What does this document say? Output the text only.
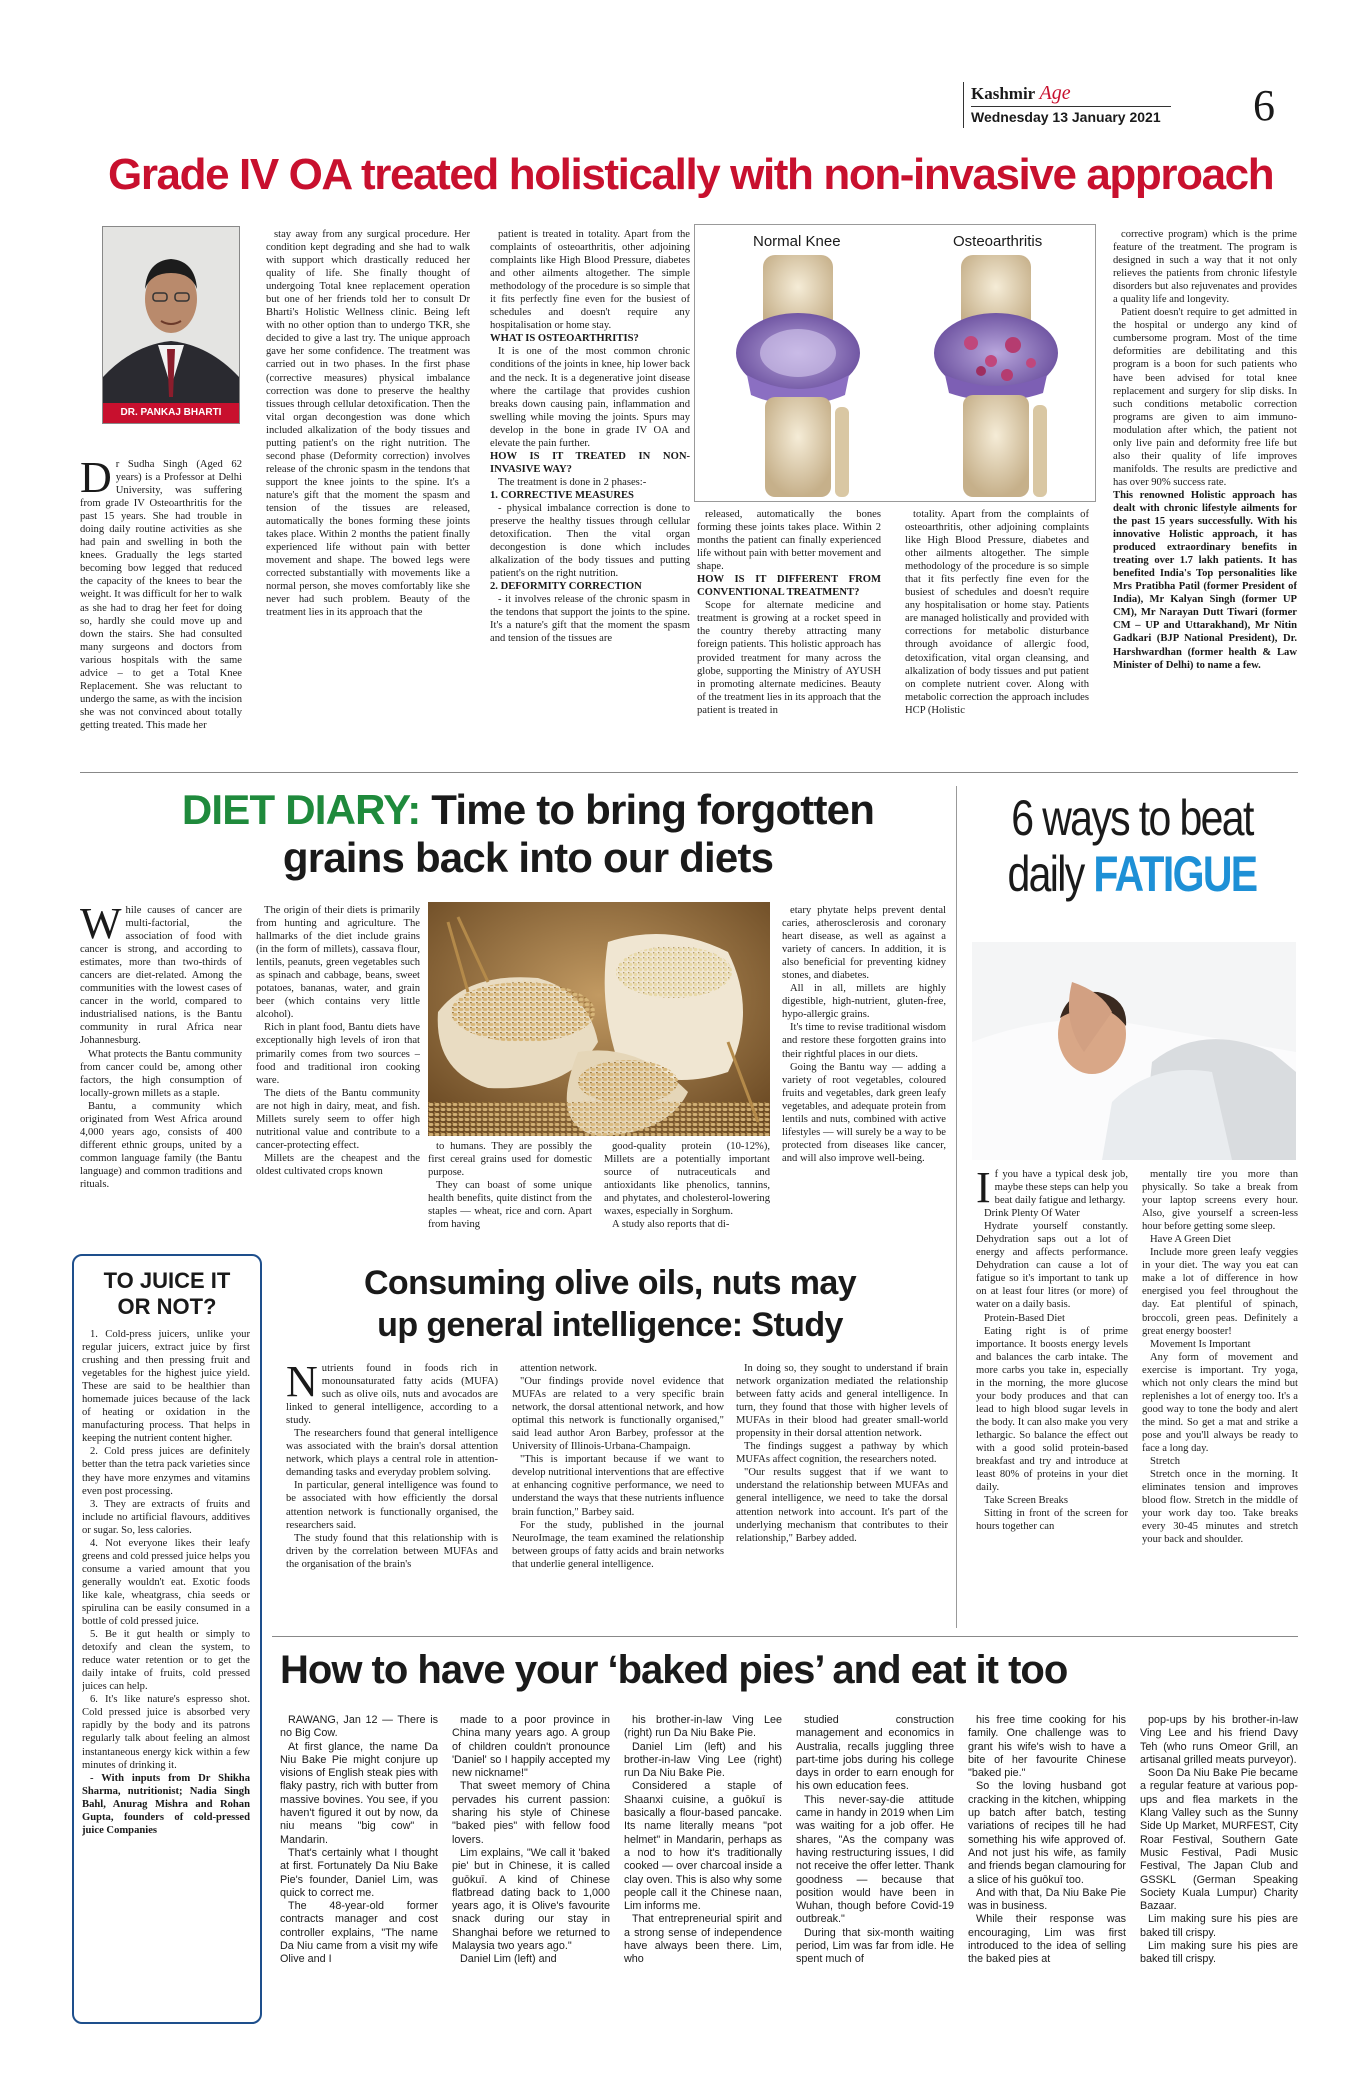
Kashmir Age
Wednesday 13 January 2021 6
Grade IV OA treated holistically with non-invasive approach
DR. PANKAJ BHARTI
D r Sudha Singh (Aged 62 years) is a Professor at Delhi University, was suffering from grade IV Osteoarthritis for the past 15 years. She had trouble in doing daily routine activities as she had pain and swelling in both the knees. Gradually the legs started becoming bow legged that reduced the capacity of the knees to bear the weight. It was difficult for her to walk as she had to drag her feet for doing so, hardly she could move up and down the stairs. She had consulted many surgeons and doctors from various hospitals with the same advice – to get a Total Knee Replacement. She was reluctant to undergo the same, as with the incision she was not convinced about totally getting treated. This made her

stay away from any surgical procedure. Her condition kept degrading and she had to walk with support which drastically reduced her quality of life. She finally thought of undergoing Total knee replacement operation but one of her friends told her to consult Dr Bharti's Holistic Wellness clinic. Being left with no other option than to undergo TKR, she decided to give a last try. The unique approach gave her some confidence. The treatment was carried out in two phases. In the first phase (corrective measures) physical imbalance correction was done to preserve the healthy tissues through cellular detoxification. Then the vital organ decongestion was done which included alkalization of the body tissues and putting patient's on the right nutrition. The second phase (Deformity correction) involves release of the chronic spasm in the tendons that support the knee joints to the spine. It's a nature's gift that the moment the spasm and tension of the tissues are released, automatically the bones forming these joints takes place. Within 2 months the patient finally experienced life without pain with better movement and shape. The bowed legs were corrected substantially with movements like a normal person, she moves comfortably like she never had such problem. Beauty of the treatment lies in its approach that the

patient is treated in totality. Apart from the complaints of osteoarthritis, other adjoining complaints like High Blood Pressure, diabetes and other ailments altogether. The simple methodology of the procedure is so simple that it fits perfectly fine even for the busiest of schedules and doesn't require any hospitalisation or home stay.

WHAT IS OSTEOARTHRITIS?

It is one of the most common chronic conditions of the joints in knee, hip lower back and the neck. It is a degenerative joint disease where the cartilage that provides cushion breaks down causing pain, inflammation and swelling while moving the joints. Spurs may develop in the bone in grade IV OA and elevate the pain further.

HOW IS IT TREATED IN NON-INVASIVE WAY?

The treatment is done in 2 phases:-

1. CORRECTIVE MEASURES

- physical imbalance correction is done to preserve the healthy tissues through cellular detoxification. Then the vital organ decongestion is done which includes alkalization of the body tissues and putting patient's on the right nutrition.

2. DEFORMITY CORRECTION

- it involves release of the chronic spasm in the tendons that support the joints to the spine. It's a nature's gift that the moment the spasm and tension of the tissues are

Normal Knee	Osteoarthritis

released, automatically the bones forming these joints takes place. Within 2 months the patient can finally experienced life without pain with better movement and shape.

HOW IS IT DIFFERENT FROM CONVENTIONAL TREATMENT?

Scope for alternate medicine and treatment is growing at a rocket speed in the country thereby attracting many foreign patients. This holistic approach has provided treatment for many across the globe, supporting the Ministry of AYUSH in promoting alternate medicines. Beauty of the treatment lies in its approach that the patient is treated in

totality. Apart from the complaints of osteoarthritis, other adjoining complaints like High Blood Pressure, diabetes and other ailments altogether. The simple methodology of the procedure is so simple that it fits perfectly fine even for the busiest of schedules and doesn't require any hospitalisation or home stay. Patients are managed holistically and provided with corrections for metabolic disturbance through avoidance of allergic food, detoxification, vital organ cleansing, and alkalization of body tissues and put patient on complete nutrient cover. Along with metabolic correction the approach includes HCP (Holistic

corrective program) which is the prime feature of the treatment. The program is designed in such a way that it not only relieves the patients from chronic lifestyle disorders but also rejuvenates and provides a quality life and longevity.

Patient doesn't require to get admitted in the hospital or undergo any kind of cumbersome program. Most of the time deformities are debilitating and this program is a boon for such patients who have been advised for total knee replacement and surgery for slip disks. In such conditions metabolic correction programs are given to aim immuno-modulation after which, the patient not only live pain and deformity free life but also their quality of life improves manifolds. The results are predictive and has over 90% success rate.

This renowned Holistic approach has dealt with chronic lifestyle ailments for the past 15 years successfully. With his innovative Holistic approach, it has produced extraordinary benefits in treating over 1.7 lakh patients. It has benefited India's Top personalities like Mrs Pratibha Patil (former President of India), Mr Kalyan Singh (former UP CM), Mr Narayan Dutt Tiwari (former CM – UP and Uttarakhand), Mr Nitin Gadkari (BJP National President), Dr. Harshwardhan (former health & Law Minister of Delhi) to name a few.

DIET DIARY: Time to bring forgotten
grains back into our diets
W hile causes of cancer are multi-factorial, the association of food with cancer is strong, and according to estimates, more than two-thirds of cancers are diet-related. Among the communities with the lowest cases of cancer in the world, compared to industrialised nations, is the Bantu community in rural Africa near Johannesburg.

What protects the Bantu community from cancer could be, among other factors, the high consumption of locally-grown millets as a staple.

Bantu, a community which originated from West Africa around 4,000 years ago, consists of 400 different ethnic groups, united by a common language family (the Bantu language) and common traditions and rituals.

The origin of their diets is primarily from hunting and agriculture. The hallmarks of the diet include grains (in the form of millets), cassava flour, lentils, peanuts, green vegetables such as spinach and cabbage, beans, sweet potatoes, bananas, water, and grain beer (which contains very little alcohol).

Rich in plant food, Bantu diets have exceptionally high levels of iron that primarily comes from two sources – food and traditional iron cooking ware.

The diets of the Bantu community are not high in dairy, meat, and fish. Millets surely seem to offer high nutritional value and contribute to a cancer-protecting effect.

Millets are the cheapest and the oldest cultivated crops known

to humans. They are possibly the first cereal grains used for domestic purpose.

They can boast of some unique health benefits, quite distinct from the staples — wheat, rice and corn. Apart from having

good-quality protein (10-12%), Millets are a potentially important source of nutraceuticals and antioxidants like phenolics, tannins, and phytates, and cholesterol-lowering waxes, especially in Sorghum.

A study also reports that di-

etary phytate helps prevent dental caries, atherosclerosis and coronary heart disease, as well as against a variety of cancers. In addition, it is also beneficial for preventing kidney stones, and diabetes.

All in all, millets are highly digestible, high-nutrient, gluten-free, hypo-allergic grains.

It's time to revise traditional wisdom and restore these forgotten grains into their rightful places in our diets.

Going the Bantu way — adding a variety of root vegetables, coloured fruits and vegetables, dark green leafy vegetables, and adequate protein from lentils and nuts, combined with active lifestyles — will surely be a way to be protected from diseases like cancer, and will also improve well-being.

6 ways to beat
daily FATIGUE
I f you have a typical desk job, maybe these steps can help you beat daily fatigue and lethargy.

Drink Plenty Of Water

Hydrate yourself constantly. Dehydration saps out a lot of energy and affects performance. Dehydration can cause a lot of fatigue so it's important to tank up on at least four litres (or more) of water on a daily basis.

Protein-Based Diet

Eating right is of prime importance. It boosts energy levels and balances the carb intake. The more carbs you take in, especially in the morning, the more glucose your body produces and that can lead to high blood sugar levels in the body. It can also make you very lethargic. So balance the effect out with a good solid protein-based breakfast and try and introduce at least 80% of proteins in your diet daily.

Take Screen Breaks

Sitting in front of the screen for hours together can

mentally tire you more than physically. So take a break from your laptop screens every hour. Also, give yourself a screen-less hour before getting some sleep.

Have A Green Diet

Include more green leafy veggies in your diet. The way you eat can make a lot of difference in how energised you feel throughout the day. Eat plentiful of spinach, broccoli, green peas. Definitely a great energy booster!

Movement Is Important

Any form of movement and exercise is important. Try yoga, which not only clears the mind but replenishes a lot of energy too. It's a good way to tone the body and alert the mind. So get a mat and strike a pose and you'll always be ready to face a long day.

Stretch

Stretch once in the morning. It eliminates tension and improves blood flow. Stretch in the middle of your work day too. Take breaks every 30-45 minutes and stretch your back and shoulder.

TO JUICE IT
OR NOT?

1. Cold-press juicers, unlike your regular juicers, extract juice by first crushing and then pressing fruit and vegetables for the highest juice yield. These are said to be healthier than homemade juices because of the lack of heating or oxidation in the manufacturing process. That helps in keeping the nutrient content higher.

2. Cold press juices are definitely better than the tetra pack varieties since they have more enzymes and vitamins even post processing.

3. They are extracts of fruits and include no artificial flavours, additives or sugar. So, less calories.

4. Not everyone likes their leafy greens and cold pressed juice helps you consume a varied amount that you generally wouldn't eat. Exotic foods like kale, wheatgrass, chia seeds or spirulina can be easily consumed in a bottle of cold pressed juice.

5. Be it gut health or simply to detoxify and clean the system, to reduce water retention or to get the daily intake of fruits, cold pressed juices can help.

6. It's like nature's espresso shot. Cold pressed juice is absorbed very rapidly by the body and its patrons regularly talk about feeling an almost instantaneous energy kick within a few minutes of drinking it.

- With inputs from Dr Shikha Sharma, nutritionist; Nadia Singh Bahl, Anurag Mishra and Rohan Gupta, founders of cold-pressed juice Companies

Consuming olive oils, nuts may
up general intelligence: Study
N utrients found in foods rich in monounsaturated fatty acids (MUFA) such as olive oils, nuts and avocados are linked to general intelligence, according to a study.

The researchers found that general intelligence was associated with the brain's dorsal attention network, which plays a central role in attention-demanding tasks and everyday problem solving.

In particular, general intelligence was found to be associated with how efficiently the dorsal attention network is functionally organised, the researchers said.

The study found that this relationship with is driven by the correlation between MUFAs and the organisation of the brain's

attention network.

"Our findings provide novel evidence that MUFAs are related to a very specific brain network, the dorsal attentional network, and how optimal this network is functionally organised," said lead author Aron Barbey, professor at the University of Illinois-Urbana-Champaign.

"This is important because if we want to develop nutritional interventions that are effective at enhancing cognitive performance, we need to understand the ways that these nutrients influence brain function," Barbey said.

For the study, published in the journal NeuroImage, the team examined the relationship between groups of fatty acids and brain networks that underlie general intelligence.

In doing so, they sought to understand if brain network organization mediated the relationship between fatty acids and general intelligence. In turn, they found that those with higher levels of MUFAs in their blood had greater small-world propensity in their dorsal attention network.

The findings suggest a pathway by which MUFAs affect cognition, the researchers noted.

"Our results suggest that if we want to understand the relationship between MUFAs and general intelligence, we need to take the dorsal attention network into account. It's part of the underlying mechanism that contributes to their relationship," Barbey added.

How to have your ‘baked pies’ and eat it too

RAWANG, Jan 12 — There is no Big Cow.

At first glance, the name Da Niu Bake Pie might conjure up visions of English steak pies with flaky pastry, rich with butter from massive bovines. You see, if you haven't figured it out by now, da niu means "big cow" in Mandarin.

That's certainly what I thought at first. Fortunately Da Niu Bake Pie's founder, Daniel Lim, was quick to correct me.

The 48-year-old former contracts manager and cost controller explains, "The name Da Niu came from a visit my wife Olive and I

made to a poor province in China many years ago. A group of children couldn't pronounce 'Daniel' so I happily accepted my new nickname!"

That sweet memory of China pervades his current passion: sharing his style of Chinese "baked pies" with fellow food lovers.

Lim explains, "We call it 'baked pie' but in Chinese, it is called guōkuī. A kind of Chinese flatbread dating back to 1,000 years ago, it is Olive's favourite snack during our stay in Shanghai before we returned to Malaysia two years ago."

Daniel Lim (left) and

his brother-in-law Ving Lee (right) run Da Niu Bake Pie.

Daniel Lim (left) and his brother-in-law Ving Lee (right) run Da Niu Bake Pie.

Considered a staple of Shaanxi cuisine, a guōkuī is basically a flour-based pancake. Its name literally means "pot helmet" in Mandarin, perhaps as a nod to how it's traditionally cooked — over charcoal inside a clay oven. This is also why some people call it the Chinese naan, Lim informs me.

That entrepreneurial spirit and a strong sense of independence have always been there. Lim, who

studied construction management and economics in Australia, recalls juggling three part-time jobs during his college days in order to earn enough for his own education fees.

This never-say-die attitude came in handy in 2019 when Lim was waiting for a job offer. He shares, "As the company was having restructuring issues, I did not receive the offer letter. Thank goodness — because that position would have been in Wuhan, though before Covid-19 outbreak."

During that six-month waiting period, Lim was far from idle. He spent much of

his free time cooking for his family. One challenge was to grant his wife's wish to have a bite of her favourite Chinese "baked pie."

So the loving husband got cracking in the kitchen, whipping up batch after batch, testing variations of recipes till he had something his wife approved of. And not just his wife, as family and friends began clamouring for a slice of his guōkuī too.

And with that, Da Niu Bake Pie was in business.

While their response was encouraging, Lim was first introduced to the idea of selling the baked pies at

pop-ups by his brother-in-law Ving Lee and his friend Davy Teh (who runs Omeor Grill, an artisanal grilled meats purveyor).

Soon Da Niu Bake Pie became a regular feature at various pop-ups and flea markets in the Klang Valley such as the Sunny Side Up Market, MURFEST, City Roar Festival, Southern Gate Music Festival, Padi Music Festival, The Japan Club and GSSKL (German Speaking Society Kuala Lumpur) Charity Bazaar.

Lim making sure his pies are baked till crispy.

Lim making sure his pies are baked till crispy.
